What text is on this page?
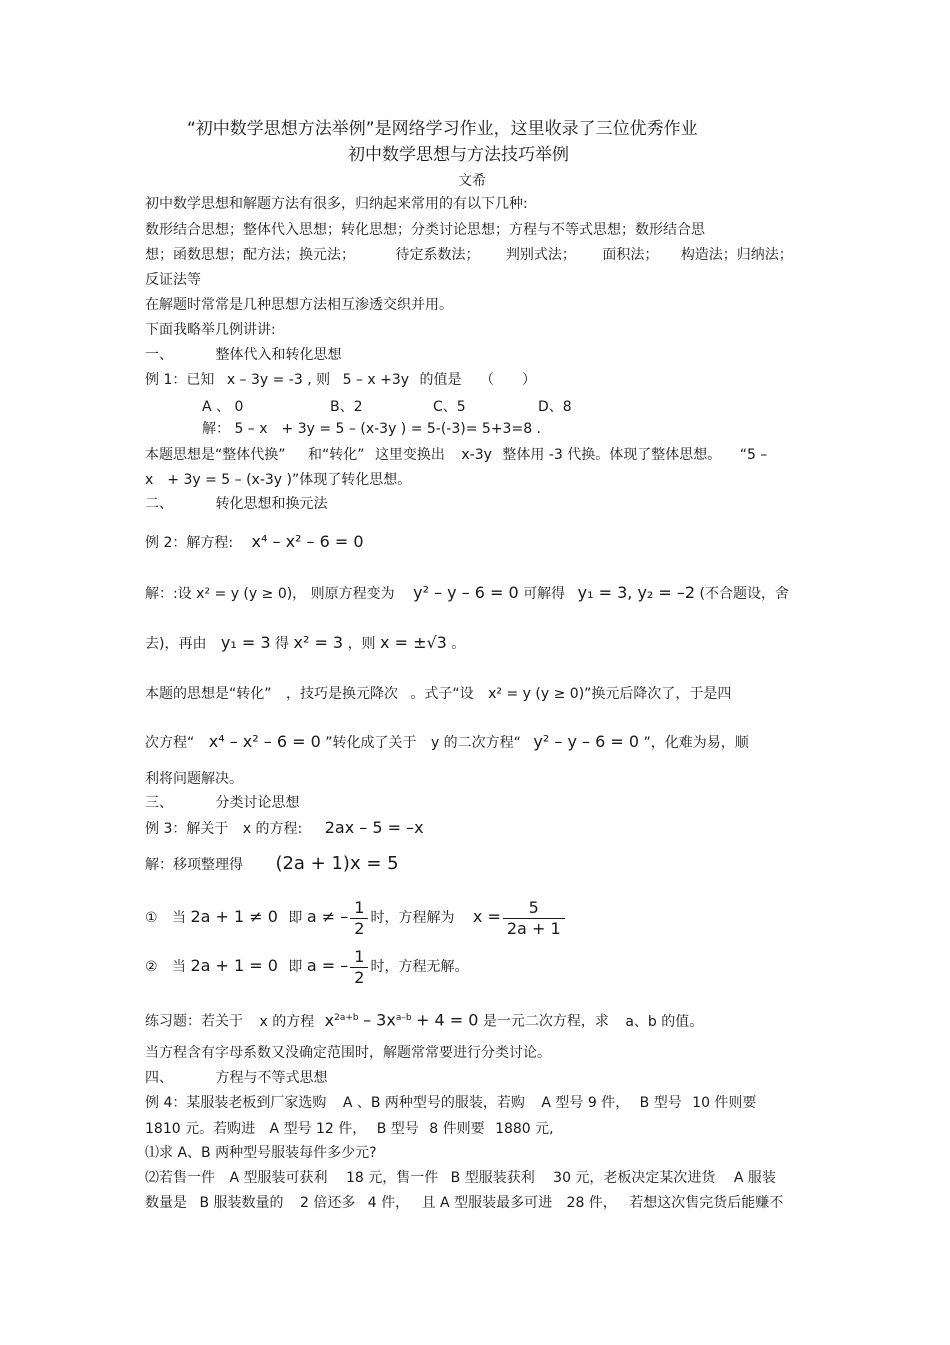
“初中数学思想方法举例”是网络学习作业，这里收录了三位优秀作业
初中数学思想与方法技巧举例
文希
初中数学思想和解题方法有很多，归纳起来常用的有以下几种:
数形结合思想；整体代入思想；转化思想；分类讨论思想；方程与不等式思想；数形结合思
想；函数思想；配方法；换元法；	待定系数法； 判别式法； 面积法； 构造法；归纳法；
反证法等
在解题时常常是几种思想方法相互渗透交织并用。
下面我略举几例讲讲:
一、	整体代入和转化思想
例 1：已知 x – 3y = -3 , 则 5 – x +3y 的值是 （　　）
A 、 0	B、2	C、5	D、8
解： 5 – x　+ 3y = 5 – (x-3y ) = 5-(-3)= 5+3=8 .
本题思想是“整体代换” 和“转化” 这里变换出 x-3y 整体用 -3 代换。体现了整体思想。 “5 –
x　+ 3y = 5 – (x-3y )”体现了转化思想。
二、	转化思想和换元法
例 2：解方程: x⁴ – x² – 6 = 0
解：:设 x² = y (y ≥ 0)， 则原方程变为 y² – y – 6 = 0 可解得 y₁ = 3, y₂ = –2 (不合题设，舍
去)，再由 y₁ = 3 得 x² = 3 ，则 x = ±√3 。
本题的思想是“转化” ，技巧是换元降次 。式子“设 x² = y (y ≥ 0)”换元后降次了，于是四
次方程“ x⁴ – x² – 6 = 0 ”转化成了关于 y 的二次方程“ y² – y – 6 = 0 ”，化难为易，顺
利将问题解决。
三、	分类讨论思想
例 3：解关于 x 的方程: 2ax – 5 = –x
解：移项整理得 (2a + 1)x = 5
① 当 2a + 1 ≠ 0 即 a ≠ – $\frac{1}{2}$ 时，方程解为 $x = \frac{5}{2a + 1}$
② 当 2a + 1 = 0 即 a = – $\frac{1}{2}$ 时，方程无解。
练习题：若关于 x 的方程 $x^{2a+b} - 3x^{a-b} + 4 = 0$ 是一元二次方程，求 a、b 的值。
当方程含有字母系数又没确定范围时，解题常常要进行分类讨论。
四、	方程与不等式思想
例 4：某服装老板到厂家选购 A 、B 两种型号的服装，若购 A 型号 9 件， B 型号 10 件则要
1810 元。若购进 A 型号 12 件， B 型号 8 件则要 1880 元,
⑴求 A、B 两种型号服装每件多少元?
⑵若售一件 A 型服装可获利 18 元，售一件 B 型服装获利 30 元，老板决定某次进货 A 服装
数量是 B 服装数量的 2 倍还多 4 件， 且 A 型服装最多可进 28 件， 若想这次售完货后能赚不
